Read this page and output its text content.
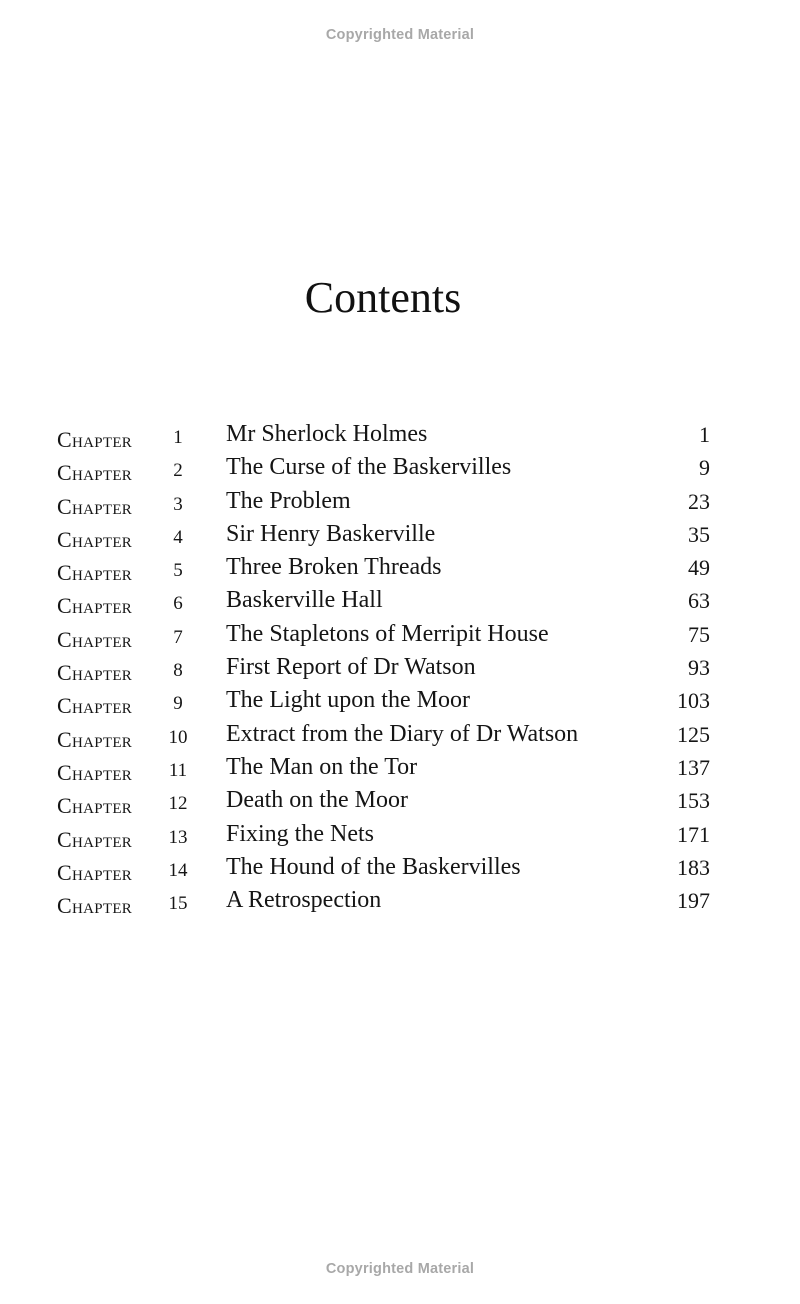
Copyrighted Material
Contents
Chapter	1	Mr Sherlock Holmes	1
Chapter	2	The Curse of the Baskervilles	9
Chapter	3	The Problem	23
Chapter	4	Sir Henry Baskerville	35
Chapter	5	Three Broken Threads	49
Chapter	6	Baskerville Hall	63
Chapter	7	The Stapletons of Merripit House	75
Chapter	8	First Report of Dr Watson	93
Chapter	9	The Light upon the Moor	103
Chapter 10 Extract from the Diary of Dr Watson	125
Chapter 11 The Man on the Tor	137
Chapter 12 Death on the Moor	153
Chapter 13 Fixing the Nets	171
Chapter 14 The Hound of the Baskervilles	183
Chapter 15 A Retrospection	197
Copyrighted Material
